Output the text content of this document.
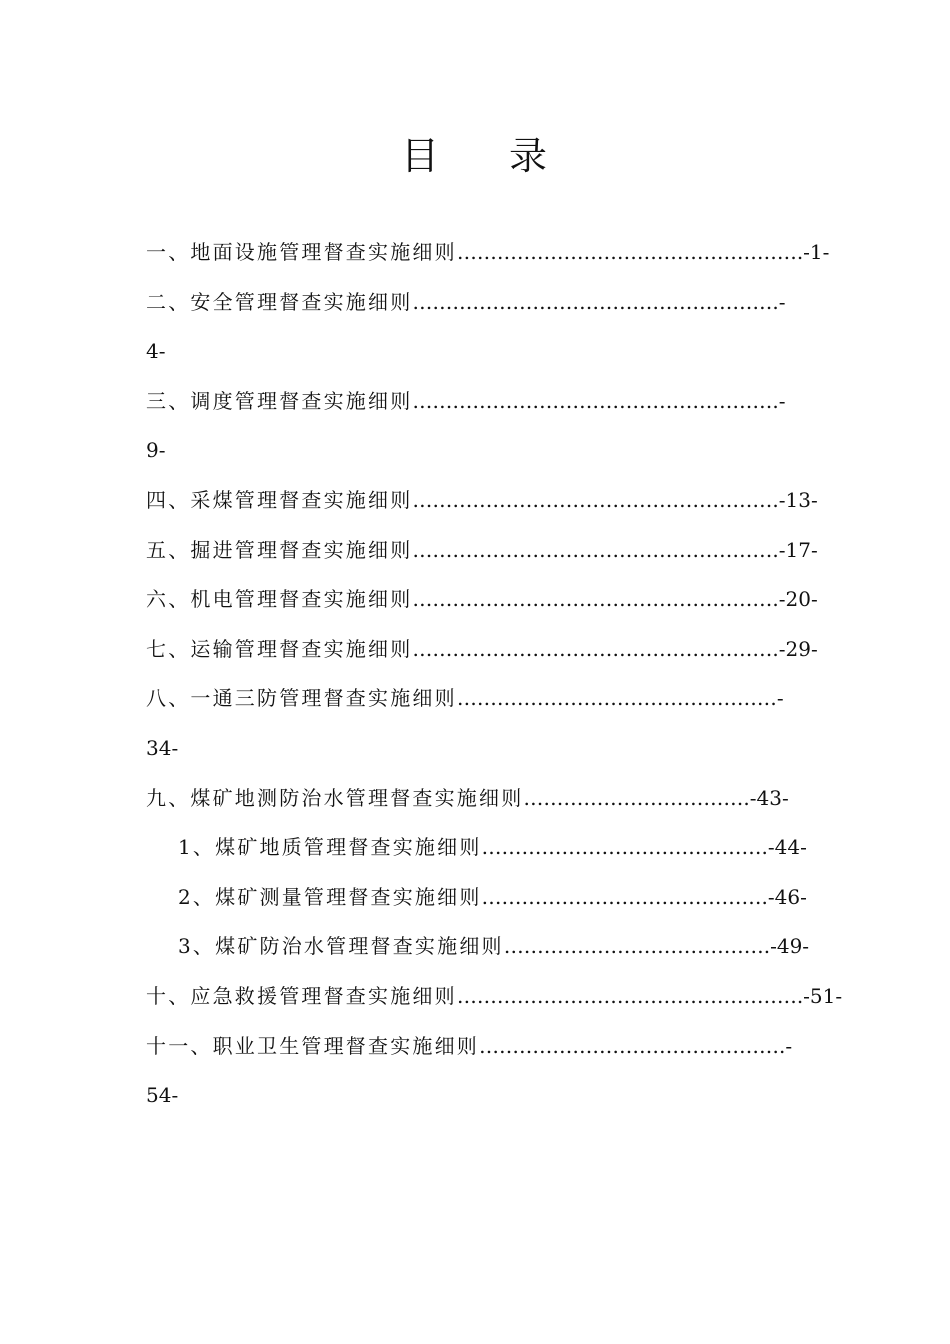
目 录
一、地面设施管理督查实施细则…………………………………………….-1-
二、安全管理督查实施细则……………………………………………….-
4-
三、调度管理督查实施细则……………………………………………….-
9-
四、采煤管理督查实施细则……………………………………………….-13-
五、掘进管理督查实施细则……………………………………………….-17-
六、机电管理督查实施细则……………………………………………….-20-
七、运输管理督查实施细则……………………………………………….-29-
八、一通三防管理督查实施细则…………………………………………-
34-
九、煤矿地测防治水管理督查实施细则…………………………….-43-
1、煤矿地质管理督查实施细则…………………………………….-44-
2、煤矿测量管理督查实施细则…………………………………….-46-
3、煤矿防治水管理督查实施细则………………………………….-49-
十、应急救援管理督查实施细则…………………………………………….-51-
十一、职业卫生管理督查实施细则……………………………………….-
54-
